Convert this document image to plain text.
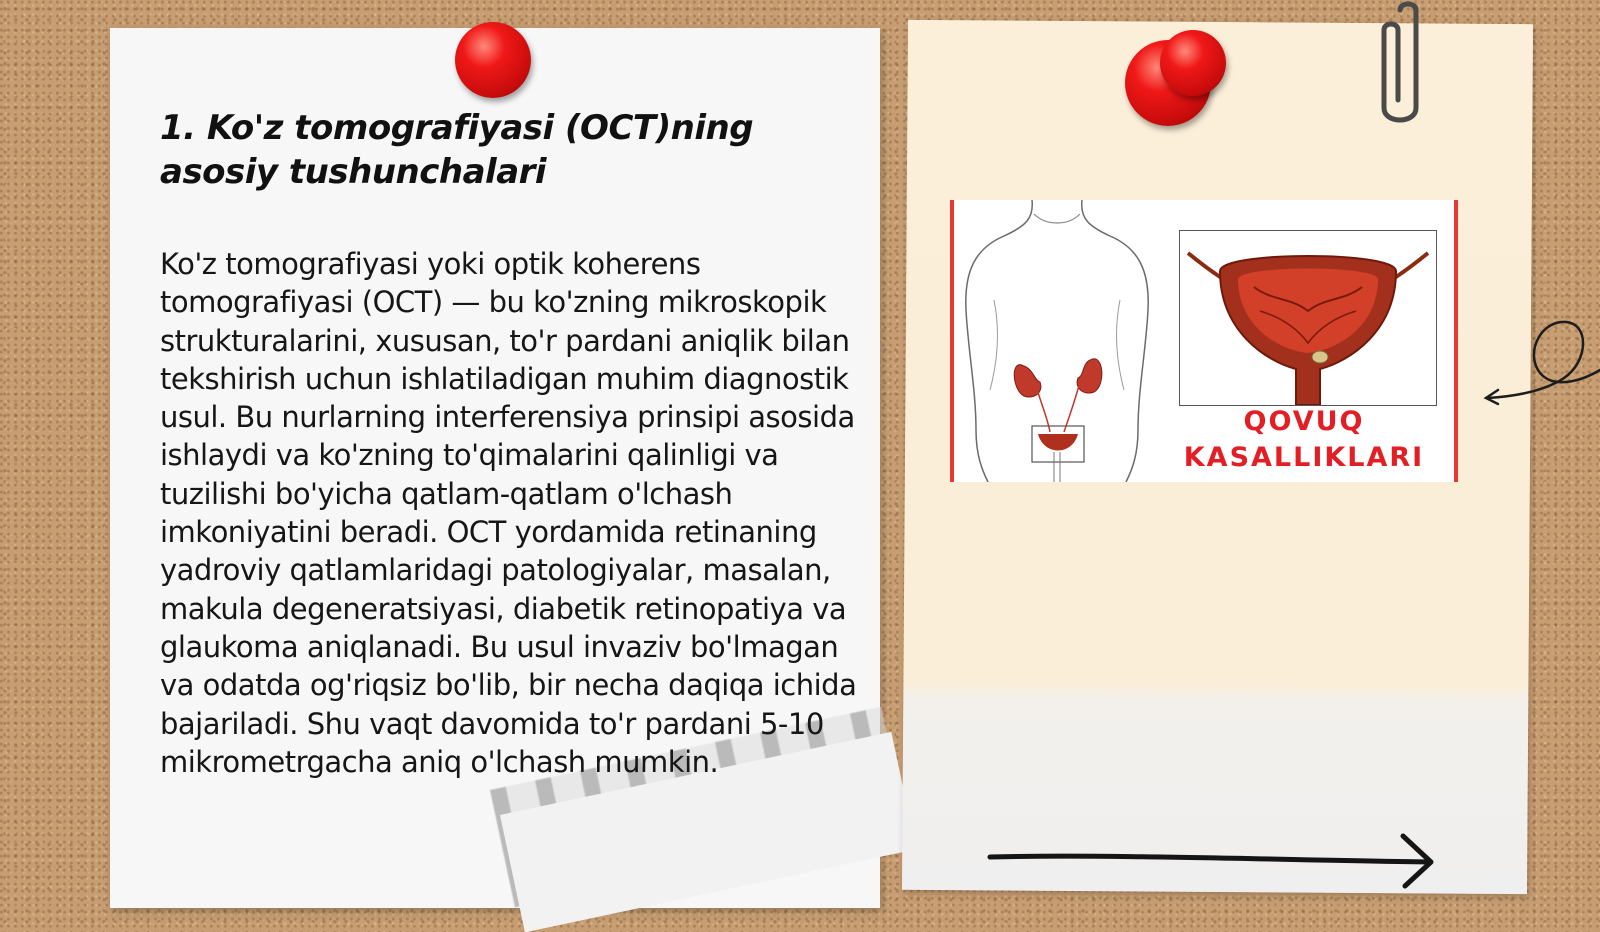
1. Ko'z tomografiyasi (OCT)ning asosiy tushunchalari

Ko'z tomografiyasi yoki optik koherens tomografiyasi (OCT) — bu ko'zning mikroskopik strukturalarini, xususan, to'r pardani aniqlik bilan tekshirish uchun ishlatiladigan muhim diagnostik usul. Bu nurlarning interferensiya prinsipi asosida ishlaydi va ko'zning to'qimalarini qalinligi va tuzilishi bo'yicha qatlam-qatlam o'lchash imkoniyatini beradi. OCT yordamida retinaning yadroviy qatlamlaridagi patologiyalar, masalan, makula degeneratsiyasi, diabetik retinopatiya va glaukoma aniqlanadi. Bu usul invaziv bo'lmagan va odatda og'riqsiz bo'lib, bir necha daqiqa ichida bajariladi. Shu vaqt davomida to'r pardani 5-10 mikrometrgacha aniq o'lchash mumkin.

QOVUQ
KASALLIKLARI
